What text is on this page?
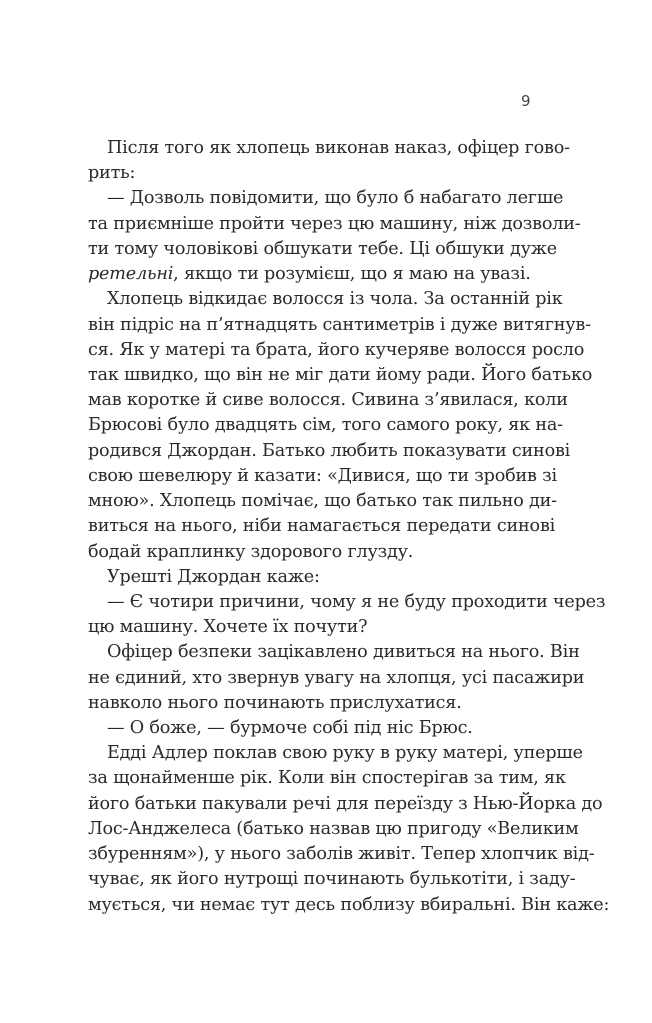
9
Після того як хлопець виконав наказ, офіцер гово-
рить:
— Дозволь повідомити, що було б набагато легше
та приємніше пройти через цю машину, ніж дозволи-
ти тому чоловікові обшукати тебе. Ці обшуки дуже
ретельні, якщо ти розумієш, що я маю на увазі.
Хлопець відкидає волосся із чола. За останній рік
він підріс на п’ятнадцять сантиметрів і дуже витягнув-
ся. Як у матері та брата, його кучеряве волосся росло
так швидко, що він не міг дати йому ради. Його батько
мав коротке й сиве волосся. Сивина з’явилася, коли
Брюсові було двадцять сім, того самого року, як на-
родився Джордан. Батько любить показувати синові
свою шевелюру й казати: «Дивися, що ти зробив зі
мною». Хлопець помічає, що батько так пильно ди-
виться на нього, ніби намагається передати синові
бодай краплинку здорового глузду.
Урешті Джордан каже:
— Є чотири причини, чому я не буду проходити через
цю машину. Хочете їх почути?
Офіцер безпеки зацікавлено дивиться на нього. Він
не єдиний, хто звернув увагу на хлопця, усі пасажири
навколо нього починають прислухатися.
— О боже, — бурмоче собі під ніс Брюс.
Едді Адлер поклав свою руку в руку матері, уперше
за щонайменше рік. Коли він спостерігав за тим, як
його батьки пакували речі для переїзду з Нью-Йорка до
Лос-Анджелеса (батько назвав цю пригоду «Великим
збуренням»), у нього заболів живіт. Тепер хлопчик від-
чуває, як його нутрощі починають булькотіти, і заду-
мується, чи немає тут десь поблизу вбиральні. Він каже:
